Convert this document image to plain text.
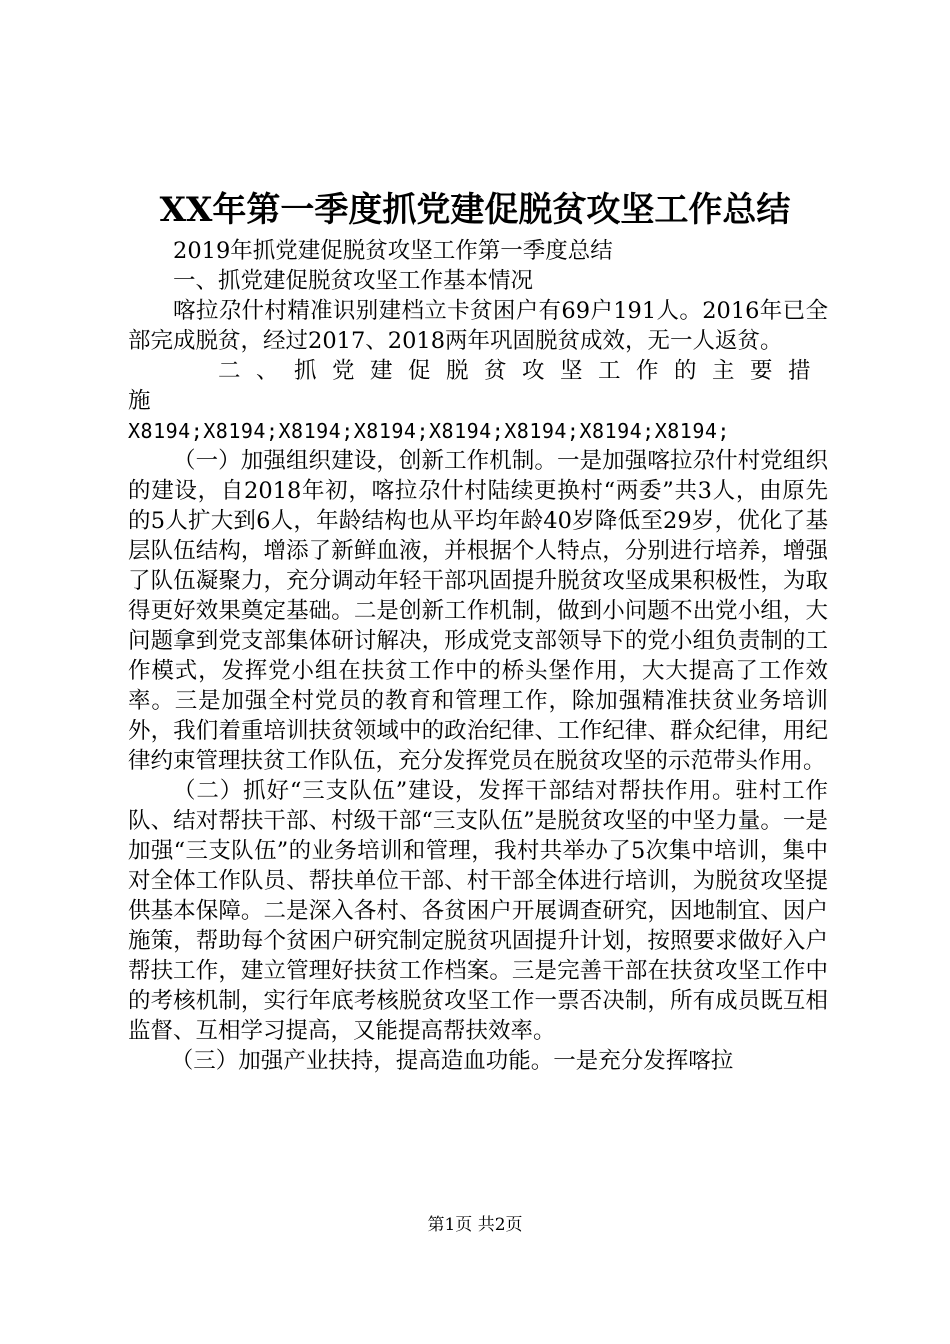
XX年第一季度抓党建促脱贫攻坚工作总结

2019年抓党建促脱贫攻坚工作第一季度总结

一、抓党建促脱贫攻坚工作基本情况

喀拉尕什村精准识别建档立卡贫困户有69户191人。2016年已全部完成脱贫，经过2017、2018两年巩固脱贫成效，无一人返贫。

二、抓党建促脱贫攻坚工作的主要措施

X8194;X8194;X8194;X8194;X8194;X8194;X8194;X8194;

（一）加强组织建设，创新工作机制。一是加强喀拉尕什村党组织的建设，自2018年初，喀拉尕什村陆续更换村“两委”共3人，由原先的5人扩大到6人，年龄结构也从平均年龄40岁降低至29岁，优化了基层队伍结构，增添了新鲜血液，并根据个人特点，分别进行培养，增强了队伍凝聚力，充分调动年轻干部巩固提升脱贫攻坚成果积极性，为取得更好效果奠定基础。二是创新工作机制，做到小问题不出党小组，大问题拿到党支部集体研讨解决，形成党支部领导下的党小组负责制的工作模式，发挥党小组在扶贫工作中的桥头堡作用，大大提高了工作效率。三是加强全村党员的教育和管理工作，除加强精准扶贫业务培训外，我们着重培训扶贫领域中的政治纪律、工作纪律、群众纪律，用纪律约束管理扶贫工作队伍，充分发挥党员在脱贫攻坚的示范带头作用。

（二）抓好“三支队伍”建设，发挥干部结对帮扶作用。驻村工作队、结对帮扶干部、村级干部“三支队伍”是脱贫攻坚的中坚力量。一是加强“三支队伍”的业务培训和管理，我村共举办了5次集中培训，集中对全体工作队员、帮扶单位干部、村干部全体进行培训，为脱贫攻坚提供基本保障。二是深入各村、各贫困户开展调查研究，因地制宜、因户施策，帮助每个贫困户研究制定脱贫巩固提升计划，按照要求做好入户帮扶工作，建立管理好扶贫工作档案。三是完善干部在扶贫攻坚工作中的考核机制，实行年底考核脱贫攻坚工作一票否决制，所有成员既互相监督、互相学习提高，又能提高帮扶效率。

（三）加强产业扶持，提高造血功能。一是充分发挥喀拉

第1页 共2页
